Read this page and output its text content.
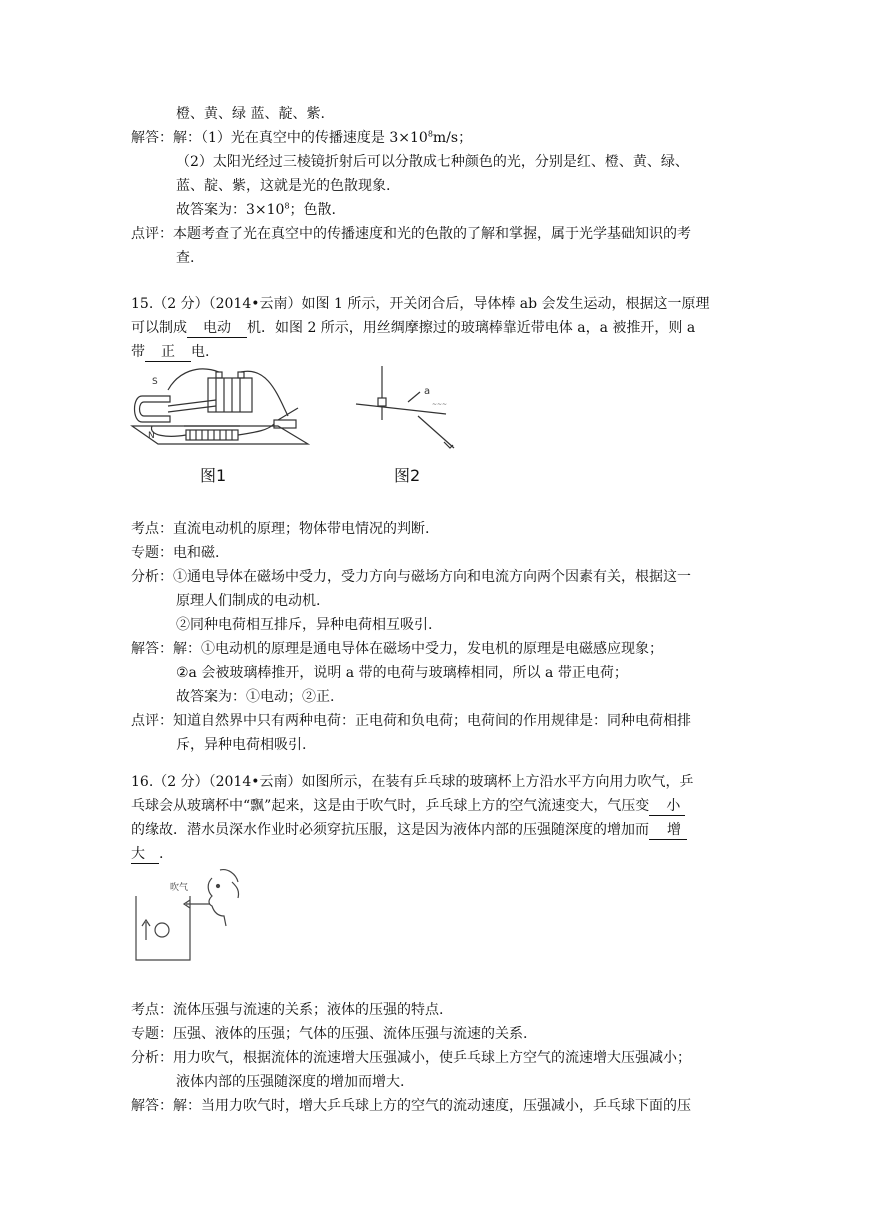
橙、黄、绿 蓝、靛、紫.
解答：解：（1）光在真空中的传播速度是 $3\times 10^8m/s$；
（2）太阳光经过三棱镜折射后可以分散成七种颜色的光，分别是红、橙、黄、绿、
蓝、靛、紫，这就是光的色散现象.
故答案为：$3\times 10^8$；色散.
点评：本题考查了光在真空中的传播速度和光的色散的了解和掌握，属于光学基础知识的考
查.
15.（2 分）（2014•云南）如图 1 所示，开关闭合后，导体棒 ab 会发生运动，根据这一原理
可以制成 电动 机．如图 2 所示，用丝绸摩擦过的玻璃棒靠近带电体 a，a 被推开，则 a
带 正 电.
S
N
图1
a
~~~
图2
考点：直流电动机的原理；物体带电情况的判断.
专题：电和磁.
分析：①通电导体在磁场中受力，受力方向与磁场方向和电流方向两个因素有关，根据这一
原理人们制成的电动机.
②同种电荷相互排斥，异种电荷相互吸引.
解答：解：①电动机的原理是通电导体在磁场中受力，发电机的原理是电磁感应现象；
②a 会被玻璃棒推开，说明 a 带的电荷与玻璃棒相同，所以 a 带正电荷；
故答案为：①电动；②正.
点评：知道自然界中只有两种电荷：正电荷和负电荷；电荷间的作用规律是：同种电荷相排
斥，异种电荷相吸引.
16.（2 分）（2014•云南）如图所示，在装有乒乓球的玻璃杯上方沿水平方向用力吹气，乒
乓球会从玻璃杯中“飘”起来，这是由于吹气时，乒乓球上方的空气流速变大，气压变 小
的缘故．潜水员深水作业时必须穿抗压服，这是因为液体内部的压强随深度的增加而 增
大 .
吹气
考点：流体压强与流速的关系；液体的压强的特点.
专题：压强、液体的压强；气体的压强、流体压强与流速的关系.
分析：用力吹气，根据流体的流速增大压强减小，使乒乓球上方空气的流速增大压强减小；
液体内部的压强随深度的增加而增大.
解答：解：当用力吹气时，增大乒乓球上方的空气的流动速度，压强减小，乒乓球下面的压
